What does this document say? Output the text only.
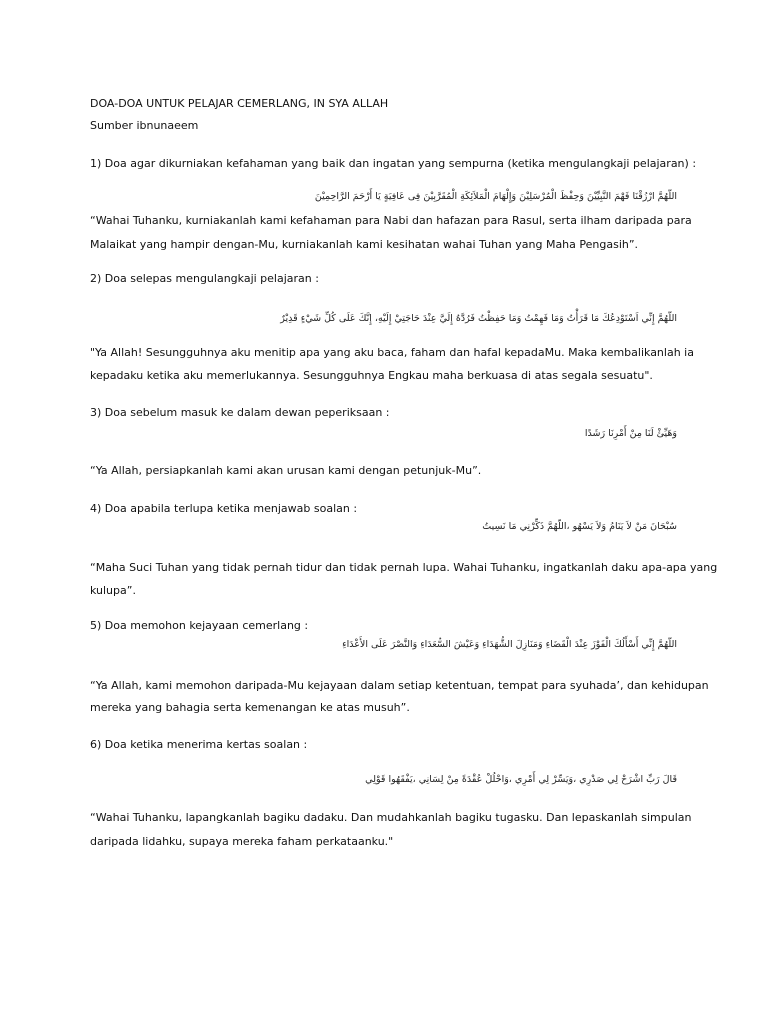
DOA-DOA UNTUK PELAJAR CEMERLANG, IN SYA ALLAH
Sumber ibnunaeem
1) Doa agar dikurniakan kefahaman yang baik dan ingatan yang sempurna (ketika mengulangkaji pelajaran) :
اللّهُمَّ ارْزُقْنَا فَهْمَ النَّبِيِّيْنَ وَحِفْظَ الْمُرْسَلِيْنَ وَإِلْهَامَ الْمَلاَئِكَةِ الْمُقَرَّبِيْنَ فِى عَافِيَةٍ يَا أَرْحَمَ الرَّاحِمِيْنَ
“Wahai Tuhanku, kurniakanlah kami kefahaman para Nabi dan hafazan para Rasul, serta ilham daripada para
Malaikat yang hampir dengan-Mu, kurniakanlah kami kesihatan wahai Tuhan yang Maha Pengasih”.
2) Doa selepas mengulangkaji pelajaran :
اللّهُمَّ إِنِّي اَسْتَوْدِعُكَ مَا قَرَأْتُ وَمَا فَهِمْتُ وَمَا حَفِظْتُ فَرُدَّهُ إِلَيَّ عِنْدَ حَاجَتِيْ إِلَيْهِ، إِنَّكَ عَلَى كُلِّ شَيْءٍ قَدِيْرٌ
"Ya Allah! Sesungguhnya aku menitip apa yang aku baca, faham dan hafal kepadaMu. Maka kembalikanlah ia
kepadaku ketika aku memerlukannya. Sesungguhnya Engkau maha berkuasa di atas segala sesuatu".
3) Doa sebelum masuk ke dalam dewan peperiksaan :
وَهَيِّئْ لَنَا مِنْ أَمْرِنَا رَشَدًا
“Ya Allah, persiapkanlah kami akan urusan kami dengan petunjuk-Mu”.
4) Doa apabila terlupa ketika menjawab soalan :
سُبْحَانَ مَنْ لاَ يَنَامُ وَلاَ يَسْهُو ،اللّهُمَّ ذَكِّرْنِي مَا نَسِيتُ
“Maha Suci Tuhan yang tidak pernah tidur dan tidak pernah lupa. Wahai Tuhanku, ingatkanlah daku apa-apa yang
kulupa”.
5) Doa memohon kejayaan cemerlang :
اللّهُمَّ إِنِّي أَسْأَلُكَ الْفَوْزَ عِنْدَ الْقَضَاءِ وَمَنَازِلَ الشُّهَدَاءِ وَعَيْشَ السُّعَدَاءِ وَالنَّصْرَ عَلَى الأَعْدَاءِ
“Ya Allah, kami memohon daripada-Mu kejayaan dalam setiap ketentuan, tempat para syuhada’, dan kehidupan
mereka yang bahagia serta kemenangan ke atas musuh”.
6) Doa ketika menerima kertas soalan :
قَالَ رَبِّ اشْرَحْ لِي صَدْرِي ،وَيَسِّرْ لِي أَمْرِي ،وَاحْلُلْ عُقْدَةً مِنْ لِسَانِي ،يَفْقَهُوا قَوْلِي
“Wahai Tuhanku, lapangkanlah bagiku dadaku. Dan mudahkanlah bagiku tugasku. Dan lepaskanlah simpulan
daripada lidahku, supaya mereka faham perkataanku."
